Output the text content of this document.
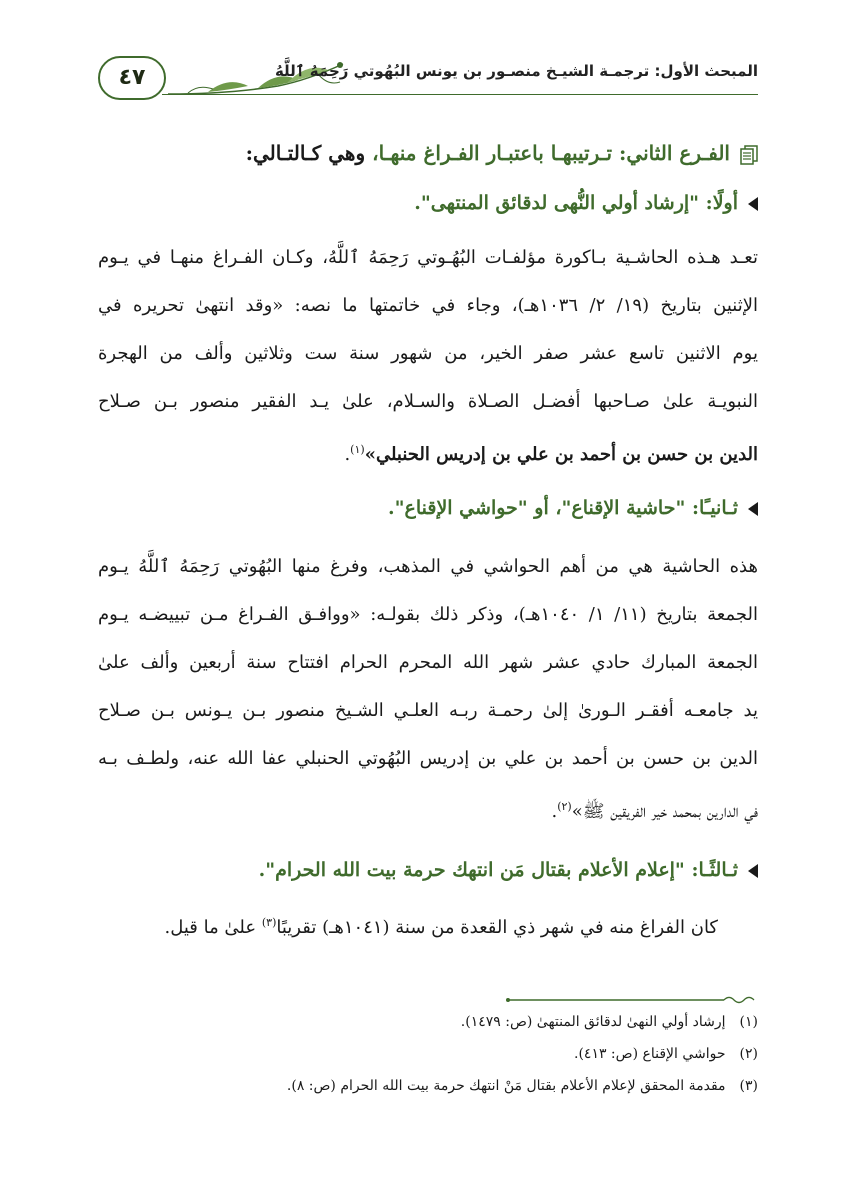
٤٧	المبحث الأول: ترجمـة الشيـخ منصـور بن يونس البُهُوتي رَحِمَهُ ٱللَّهُ
الفـرع الثاني: تـرتيبهـا باعتبـار الفـراغ منهـا، وهي كـالتـالي:
أولًا: "إرشاد أولي النُّهى لدقائق المنتهى".
تعـد هـذه الحاشـية بـاكورة مؤلفـات البُهُـوتي رَحِمَهُ ٱللَّهُ، وكـان الفـراغ منهـا في يـوم
الإثنين بتاريخ (١٩/ ٢/ ١٠٣٦هـ)، وجاء في خاتمتها ما نصه: «وقد انتهىٰ تحريره في
يوم الاثنين تاسع عشر صفر الخير، من شهور سنة ست وثلاثين وألف من الهجرة
النبويـة علىٰ صـاحبها أفضـل الصـلاة والسـلام، علىٰ يـد الفقير منصور بـن صـلاح
الدين بن حسن بن أحمد بن علي بن إدريس الحنبلي»$^{(١)}$.
ثـانيـًا: "حاشية الإقناع"، أو "حواشي الإقناع".
هذه الحاشية هي من أهم الحواشي في المذهب، وفرغ منها البُهُوتي رَحِمَهُ ٱللَّهُ يـوم
الجمعة بتاريخ (١١/ ١/ ١٠٤٠هـ)، وذكر ذلك بقولـه: «ووافـق الفـراغ مـن تبييضـه يـوم
الجمعة المبارك حادي عشر شهر الله المحرم الحرام افتتاح سنة أربعين وألف علىٰ
يد جامعـه أفقـر الـورىٰ إلىٰ رحمـة ربـه العلـي الشـيخ منصور بـن يـونس بـن صـلاح
الدين بن حسن بن أحمد بن علي بن إدريس البُهُوتي الحنبلي عفا الله عنه، ولطـف بـه
في الدارين بمحمد خير الفريقين ﷺ»$^{(٢)}$.
ثـالثًـا: "إعلام الأعلام بقتال مَن انتهك حرمة بيت الله الحرام".
كان الفراغ منه في شهر ذي القعدة من سنة (١٠٤١هـ) تقريبًا$^{(٣)}$ علىٰ ما قيل.
(١)إرشاد أولي النهىٰ لدقائق المنتهىٰ (ص: ١٤٧٩).
(٢)حواشي الإقناع (ص: ٤١٣).
(٣)مقدمة المحقق لإعلام الأعلام بقتال مَنْ انتهك حرمة بيت الله الحرام (ص: ٨).
